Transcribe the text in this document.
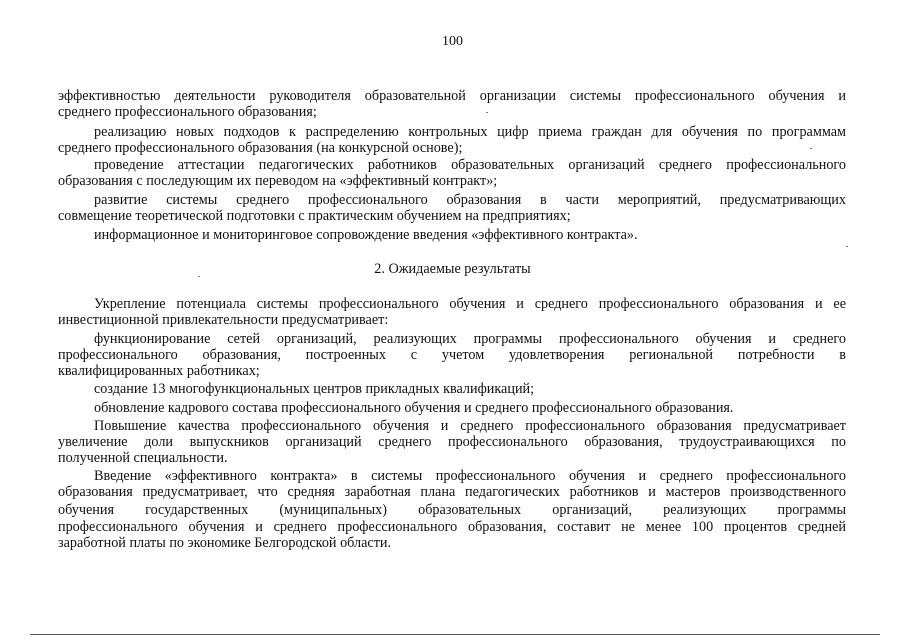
100
эффективностью деятельности руководителя образовательной организации системы профессионального обучения и
среднего профессионального образования;
реализацию новых подходов к распределению контрольных цифр приема граждан для обучения по программам
среднего профессионального образования (на конкурсной основе);
проведение аттестации педагогических работников образовательных организаций среднего профессионального
образования с последующим их переводом на «эффективный контракт»;
развитие системы среднего профессионального образования в части мероприятий, предусматривающих
совмещение теоретической подготовки с практическим обучением на предприятиях;
информационное и мониторинговое сопровождение введения «эффективного контракта».
2. Ожидаемые результаты
Укрепление потенциала системы профессионального обучения и среднего профессионального образования и ее
инвестиционной привлекательности предусматривает:
функционирование сетей организаций, реализующих программы профессионального обучения и среднего
профессионального образования, построенных с учетом удовлетворения региональной потребности в
квалифицированных работниках;
создание 13 многофункциональных центров прикладных квалификаций;
обновление кадрового состава профессионального обучения и среднего профессионального образования.
Повышение качества профессионального обучения и среднего профессионального образования предусматривает
увеличение доли выпускников организаций среднего профессионального образования, трудоустраивающихся по
полученной специальности.
Введение «эффективного контракта» в системы профессионального обучения и среднего профессионального
образования предусматривает, что средняя заработная плана педагогических работников и мастеров производственного
обучения государственных (муниципальных) образовательных организаций, реализующих программы
профессионального обучения и среднего профессионального образования, составит не менее 100 процентов средней
заработной платы по экономике Белгородской области.
